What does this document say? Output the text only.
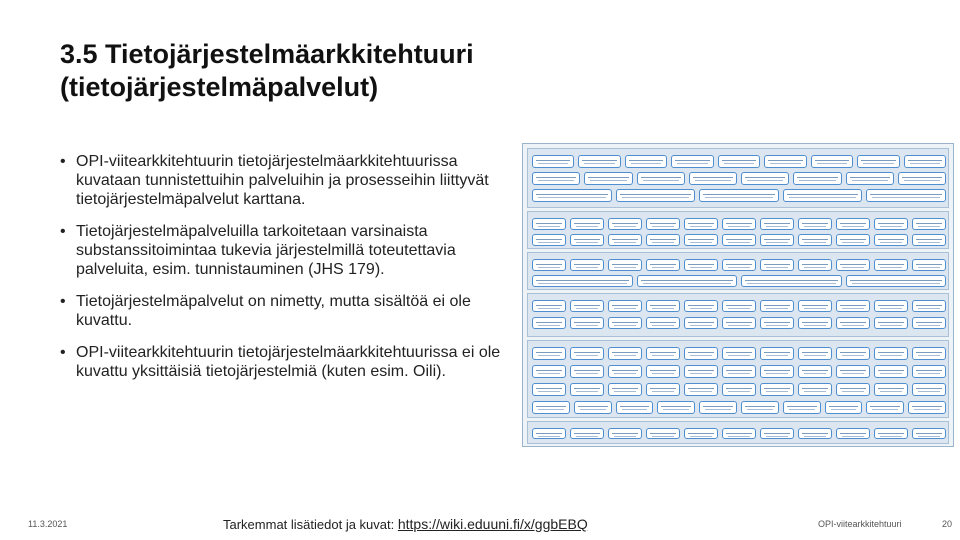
3.5 Tietojärjestelmäarkkitehtuuri
(tietojärjestelmäpalvelut)
• OPI-viitearkkitehtuurin tietojärjestelmäarkkitehtuurissa kuvataan tunnistettuihin palveluihin ja prosesseihin liittyvät tietojärjestelmäpalvelut karttana.
• Tietojärjestelmäpalveluilla tarkoitetaan varsinaista substanssitoimintaa tukevia järjestelmillä toteutettavia palveluita, esim. tunnistauminen (JHS 179).
• Tietojärjestelmäpalvelut on nimetty, mutta sisältöä ei ole kuvattu.
• OPI-viitearkkitehtuurin tietojärjestelmäarkkitehtuurissa ei ole kuvattu yksittäisiä tietojärjestelmiä (kuten esim. Oili).
11.3.2021	Tarkemmat lisätiedot ja kuvat: https://wiki.eduuni.fi/x/ggbEBQ	OPI-viitearkkitehtuuri	20
